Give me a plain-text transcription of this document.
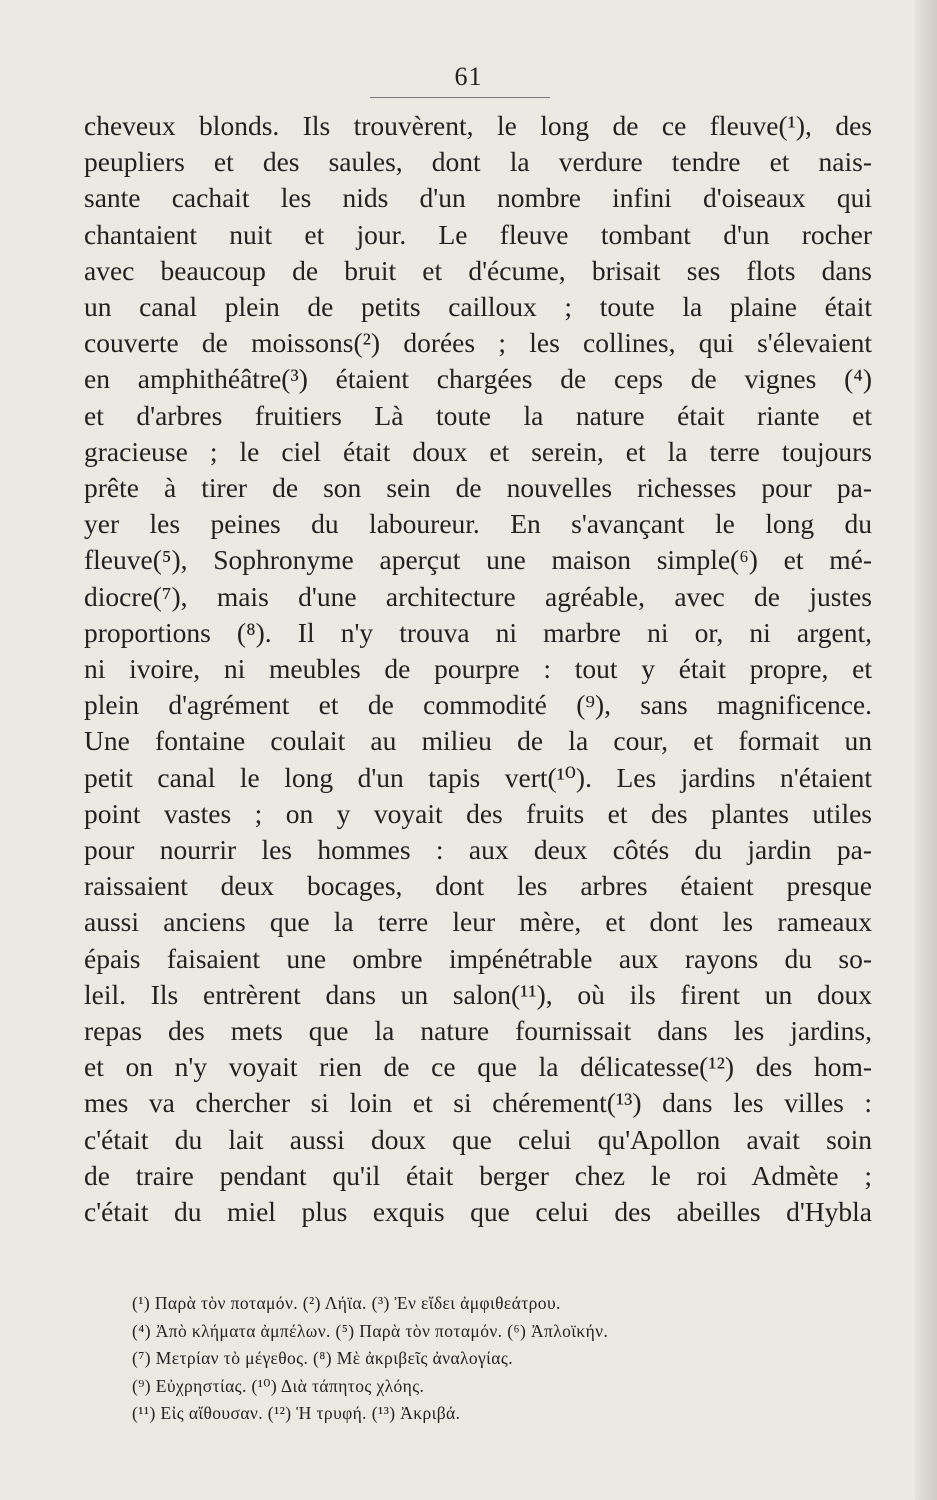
61
cheveux blonds. Ils trouvèrent, le long de ce fleuve(¹), des
peupliers et des saules, dont la verdure tendre et nais-
sante cachait les nids d'un nombre infini d'oiseaux qui
chantaient nuit et jour. Le fleuve tombant d'un rocher
avec beaucoup de bruit et d'écume, brisait ses flots dans
un canal plein de petits cailloux ; toute la plaine était
couverte de moissons(²) dorées ; les collines, qui s'élevaient
en amphithéâtre(³) étaient chargées de ceps de vignes (⁴)
et d'arbres fruitiers Là toute la nature était riante et
gracieuse ; le ciel était doux et serein, et la terre toujours
prête à tirer de son sein de nouvelles richesses pour pa-
yer les peines du laboureur. En s'avançant le long du
fleuve(⁵), Sophronyme aperçut une maison simple(⁶) et mé-
diocre(⁷), mais d'une architecture agréable, avec de justes
proportions (⁸). Il n'y trouva ni marbre ni or, ni argent,
ni ivoire, ni meubles de pourpre : tout y était propre, et
plein d'agrément et de commodité (⁹), sans magnificence.
Une fontaine coulait au milieu de la cour, et formait un
petit canal le long d'un tapis vert(¹⁰). Les jardins n'étaient
point vastes ; on y voyait des fruits et des plantes utiles
pour nourrir les hommes : aux deux côtés du jardin pa-
raissaient deux bocages, dont les arbres étaient presque
aussi anciens que la terre leur mère, et dont les rameaux
épais faisaient une ombre impénétrable aux rayons du so-
leil. Ils entrèrent dans un salon(¹¹), où ils firent un doux
repas des mets que la nature fournissait dans les jardins,
et on n'y voyait rien de ce que la délicatesse(¹²) des hom-
mes va chercher si loin et si chérement(¹³) dans les villes :
c'était du lait aussi doux que celui qu'Apollon avait soin
de traire pendant qu'il était berger chez le roi Admète ;
c'était du miel plus exquis que celui des abeilles d'Hybla
(¹) Παρὰ τὸν ποταμόν. (²) Λήϊα. (³) Ἐν εἴδει ἀμφιθεάτρου.
(⁴) Ἀπὸ κλήματα ἀμπέλων. (⁵) Παρὰ τὸν ποταμόν. (⁶) Ἀπλοϊκήν.
(⁷) Μετρίαν τὸ μέγεθος. (⁸) Μὲ ἀκριβεῖς ἀναλογίας.
(⁹) Εὐχρηστίας. (¹⁰) Διὰ τάπητος χλόης.
(¹¹) Εἰς αἴθουσαν. (¹²) Ἡ τρυφή. (¹³) Ἀκριβά.
